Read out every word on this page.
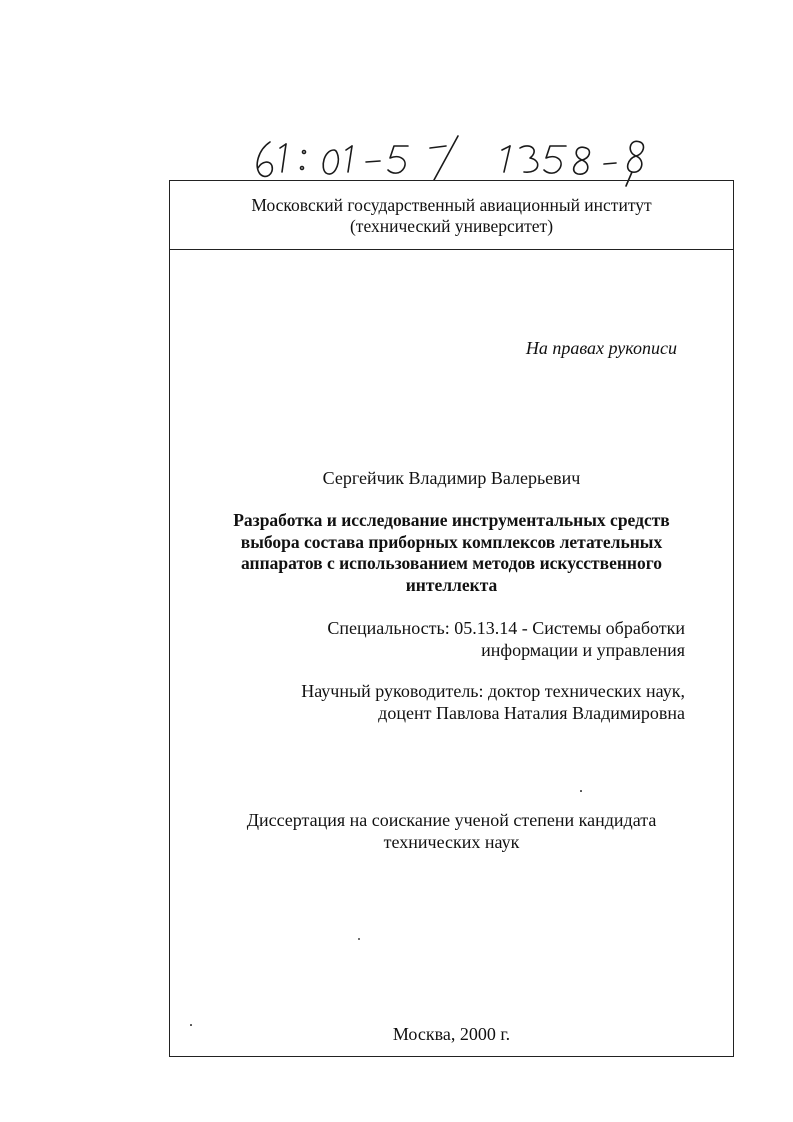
Московский государственный авиационный институт
(технический университет)
На правах рукописи
Сергейчик Владимир Валерьевич
Разработка и исследование инструментальных средств
выбора состава приборных комплексов летательных
аппаратов с использованием методов искусственного
интеллекта
Специальность: 05.13.14 - Системы обработки
информации и управления
Научный руководитель: доктор технических наук,
доцент Павлова Наталия Владимировна
Диссертация на соискание ученой степени кандидата
технических наук
Москва, 2000 г.
